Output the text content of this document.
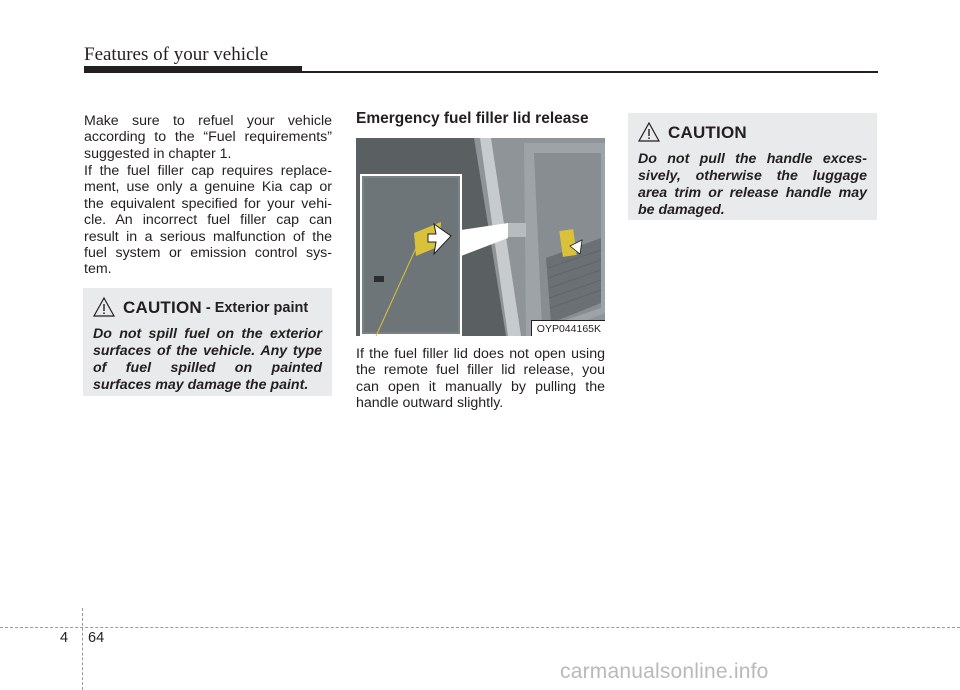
Features of your vehicle

Make sure to refuel your vehicle according to the “Fuel requirements” suggested in chapter 1.

If the fuel filler cap requires replace-ment, use only a genuine Kia cap or the equivalent specified for your vehi-cle. An incorrect fuel filler cap can result in a serious malfunction of the fuel system or emission control sys-tem.

CAUTION - Exterior paint

Do not spill fuel on the exterior surfaces of the vehicle. Any type of fuel spilled on painted surfaces may damage the paint.

Emergency fuel filler lid release
OYP044165K

If the fuel filler lid does not open using the remote fuel filler lid release, you can open it manually by pulling the handle outward slightly.

CAUTION

Do not pull the handle exces-sively, otherwise the luggage area trim or release handle may be damaged.

4 64
carmanualsonline.info
